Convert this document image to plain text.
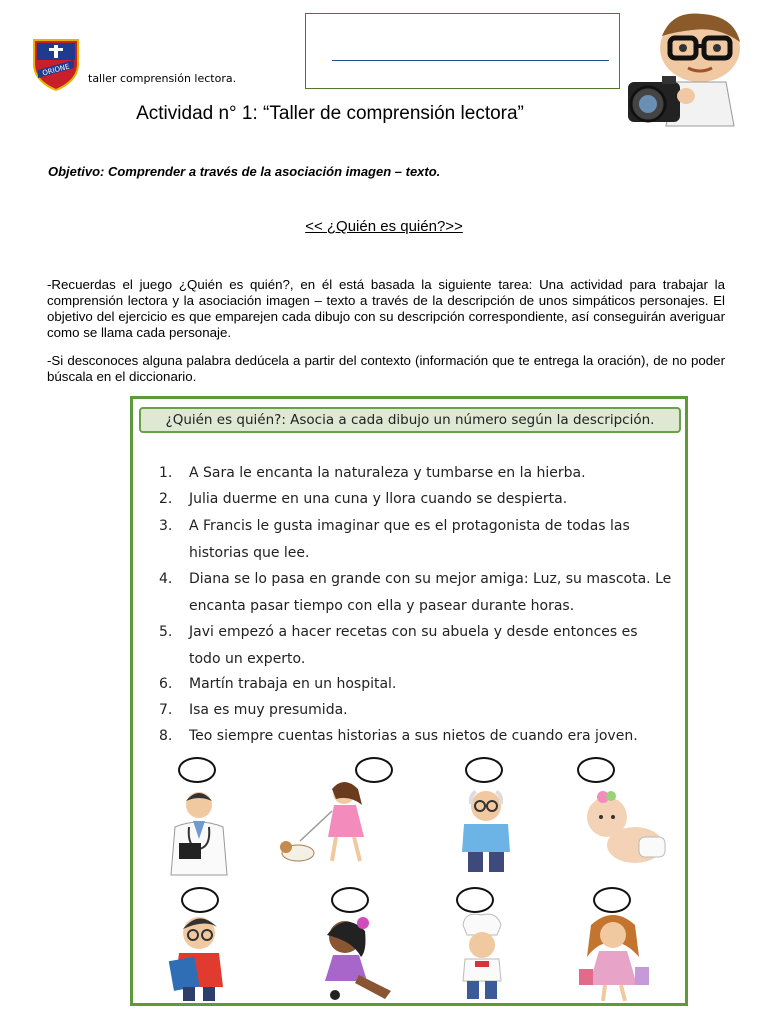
ORIONE
taller comprensión lectora.
Actividad n° 1: “Taller de comprensión lectora”
Objetivo: Comprender a través de la asociación imagen – texto.
<< ¿Quién es quién?>>
-Recuerdas el juego ¿Quién es quién?, en él está basada la siguiente tarea: Una actividad para trabajar la comprensión lectora y la asociación imagen – texto a través de la descripción de unos simpáticos personajes. El objetivo del ejercicio es que emparejen cada dibujo con su descripción correspondiente, así conseguirán averiguar como se llama cada personaje.
-Si desconoces alguna palabra dedúcela a partir del contexto (información que te entrega la oración), de no poder búscala en el diccionario.
¿Quién es quién?: Asocia a cada dibujo un número según la descripción.
1. A Sara le encanta la naturaleza y tumbarse en la hierba.
2. Julia duerme en una cuna y llora cuando se despierta.
3. A Francis le gusta imaginar que es el protagonista de todas las
historias que lee.
4. Diana se lo pasa en grande con su mejor amiga: Luz, su mascota. Le
encanta pasar tiempo con ella y pasear durante horas.
5. Javi empezó a hacer recetas con su abuela y desde entonces es
todo un experto.
6. Martín trabaja en un hospital.
7. Isa es muy presumida.
8. Teo siempre cuentas historias a sus nietos de cuando era joven.
